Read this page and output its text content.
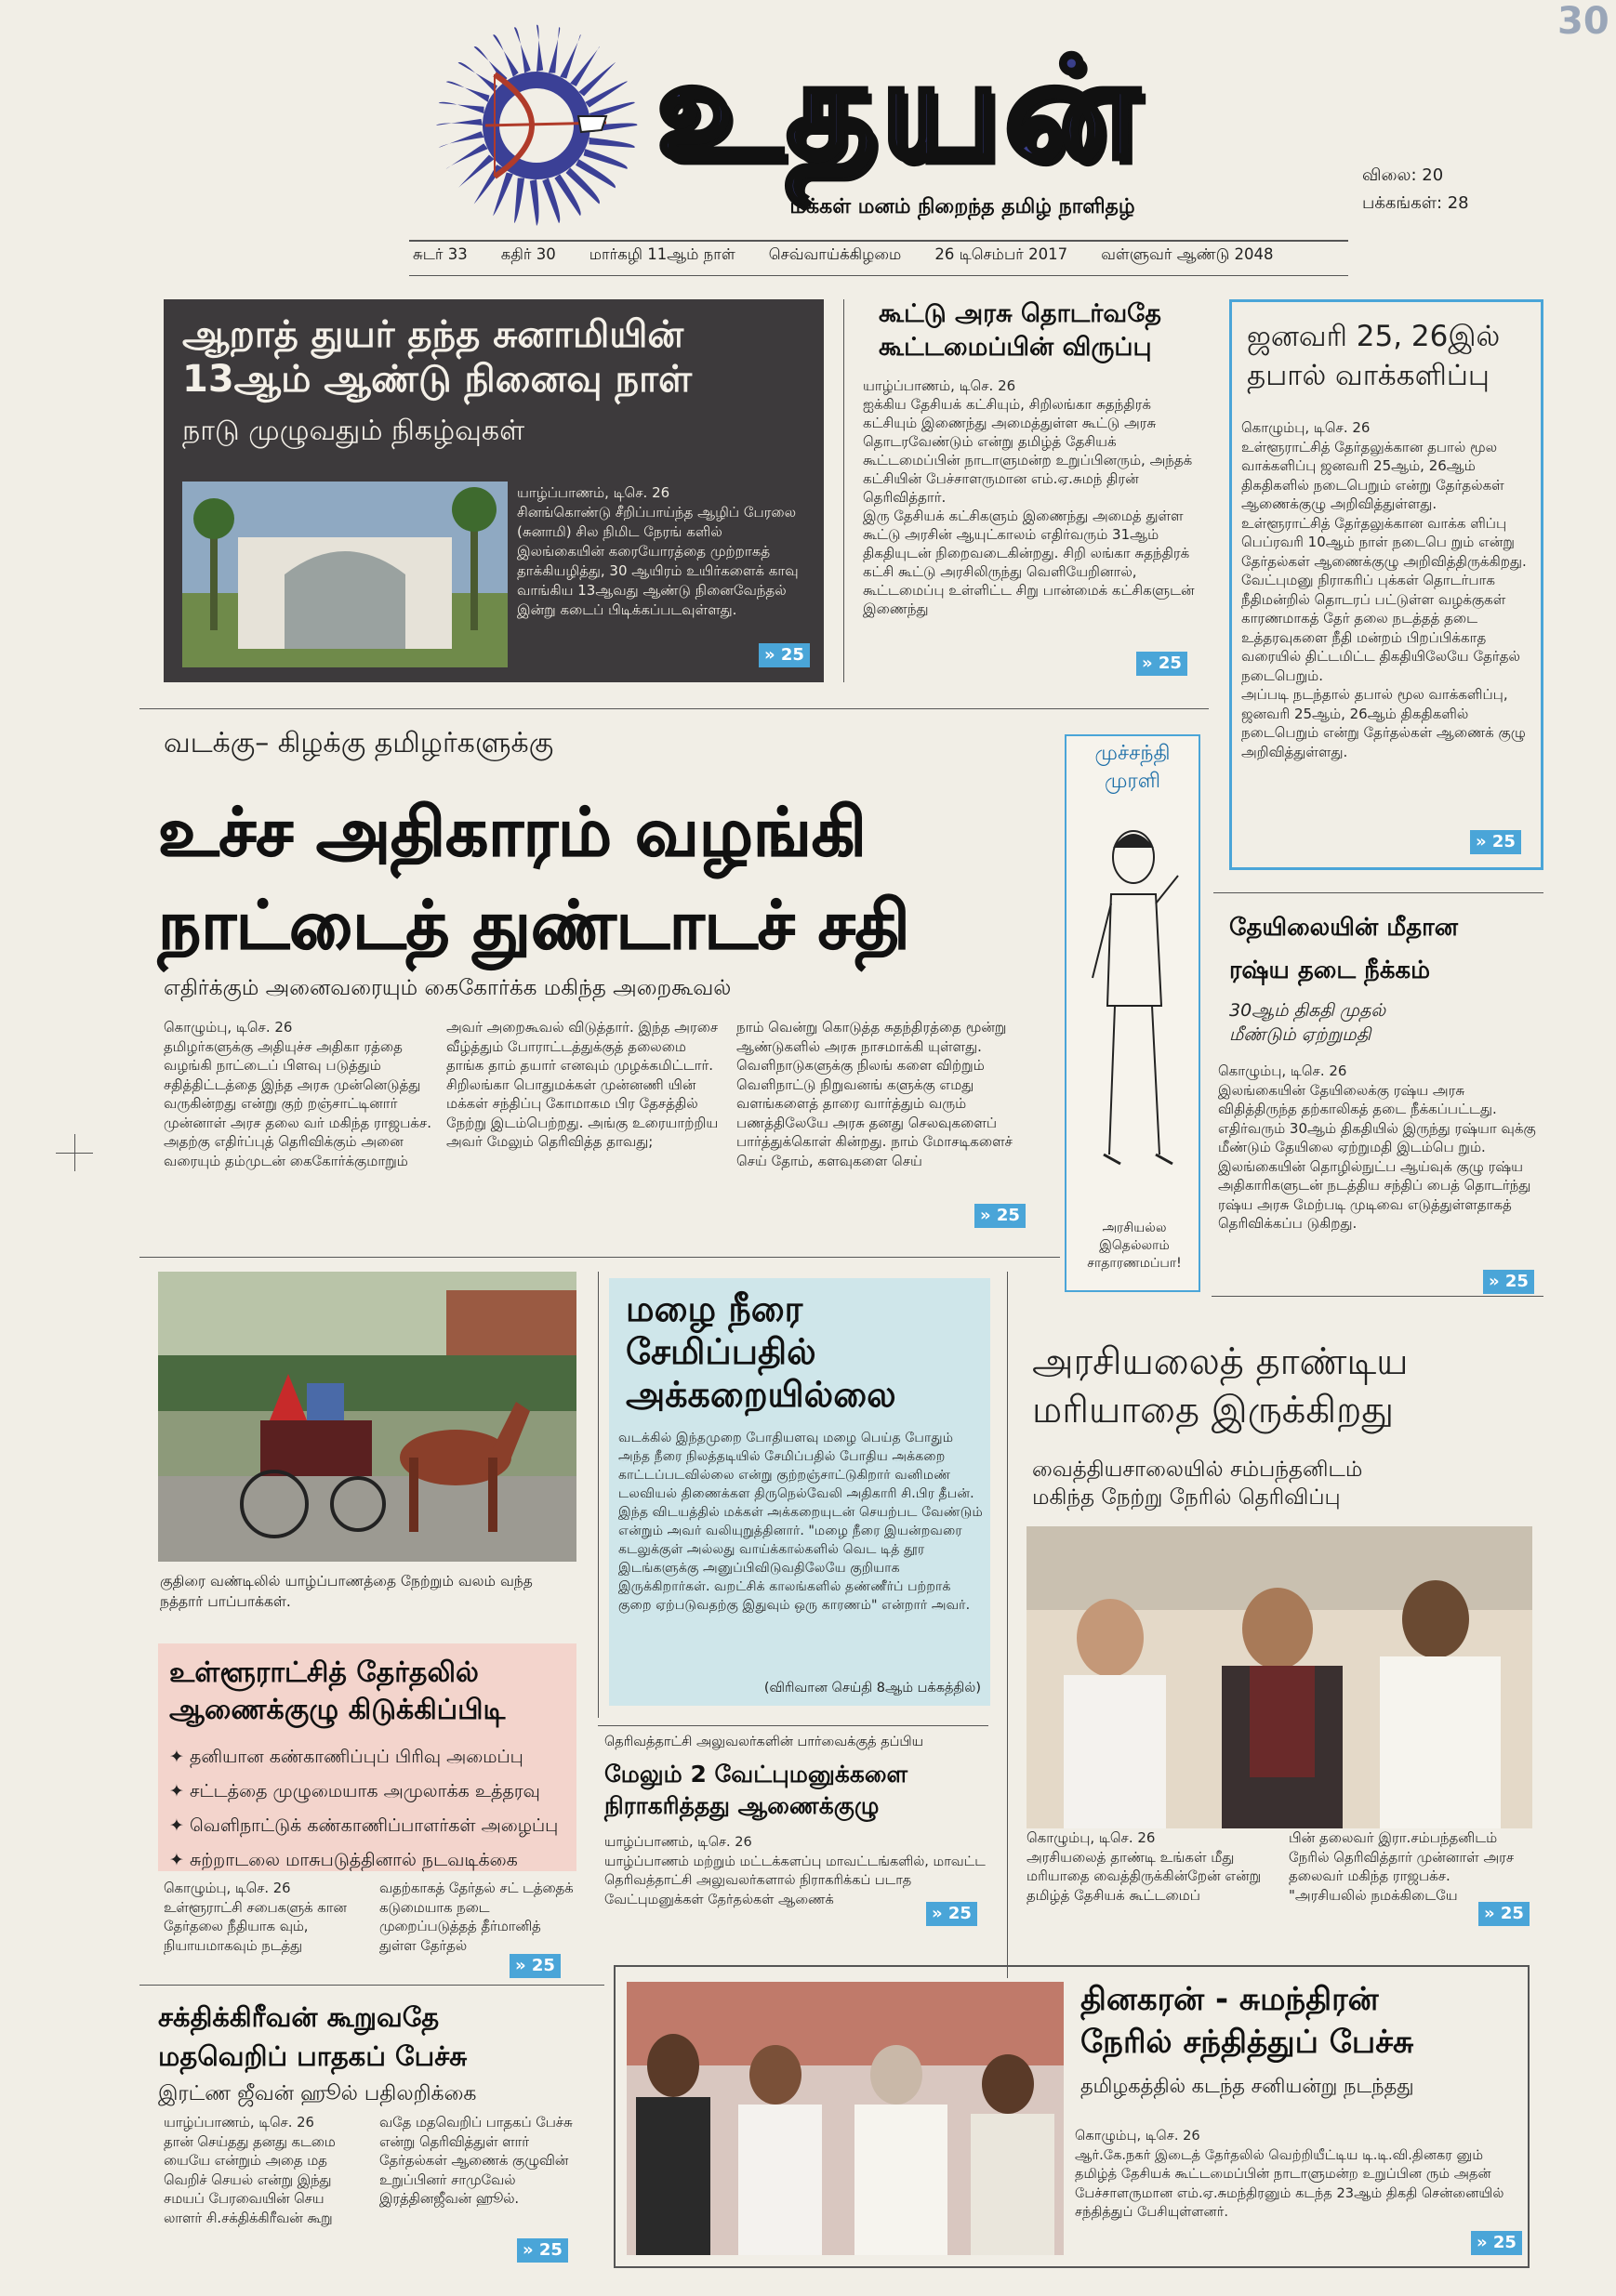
உதயன்
மக்கள் மனம் நிறைந்த தமிழ் நாளிதழ்
30
விலை: 20
பக்கங்கள்: 28
சுடர் 33 கதிர் 30 மார்கழி 11ஆம் நாள் செவ்வாய்க்கிழமை 26 டிசெம்பர் 2017 வள்ளுவர் ஆண்டு 2048
ஆறாத் துயர் தந்த சுனாமியின்
13ஆம் ஆண்டு நினைவு நாள்
நாடு முழுவதும் நிகழ்வுகள்
யாழ்ப்பாணம், டிசெ. 26
சினங்கொண்டு சீறிப்பாய்ந்த ஆழிப் பேரலை (சுனாமி) சில நிமிட நேரங் களில் இலங்கையின் கரையோரத்தை முற்றாகத் தாக்கியழித்து, 30 ஆயிரம் உயிர்களைக் காவு வாங்கிய 13ஆவது ஆண்டு நினைவேந்தல் இன்று கடைப் பிடிக்கப்படவுள்ளது.
» 25
கூட்டு அரசு தொடர்வதே
கூட்டமைப்பின் விருப்பு
யாழ்ப்பாணம், டிசெ. 26
ஐக்கிய தேசியக் கட்சியும், சிறிலங்கா சுதந்திரக் கட்சியும் இணைந்து அமைத்துள்ள கூட்டு அரசு தொடரவேண்டும் என்று தமிழ்த் தேசியக் கூட்டமைப்பின் நாடாளுமன்ற உறுப்பினரும், அந்தக் கட்சியின் பேச்சாளருமான எம்.ஏ.சுமந் திரன் தெரிவித்தார்.
இரு தேசியக் கட்சிகளும் இணைந்து அமைத் துள்ள கூட்டு அரசின் ஆயுட்காலம் எதிர்வரும் 31ஆம் திகதியுடன் நிறைவடைகின்றது. சிறி லங்கா சுதந்திரக் கட்சி கூட்டு அரசிலிருந்து வெளியேறினால், கூட்டமைப்பு உள்ளிட்ட சிறு பான்மைக் கட்சிகளுடன் இணைந்து
» 25
ஜனவரி 25, 26இல்
தபால் வாக்களிப்பு
கொழும்பு, டிசெ. 26
உள்ளூராட்சித் தேர்தலுக்கான தபால் மூல வாக்களிப்பு ஜனவரி 25ஆம், 26ஆம் திகதிகளில் நடைபெறும் என்று தேர்தல்கள் ஆணைக்குழு அறிவித்துள்ளது.
உள்ளூராட்சித் தேர்தலுக்கான வாக்க ளிப்பு பெப்ரவரி 10ஆம் நாள் நடைபெ றும் என்று தேர்தல்கள் ஆணைக்குழு அறிவித்திருக்கிறது. வேட்புமனு நிராகரிப் புக்கள் தொடர்பாக நீதிமன்றில் தொடரப் பட்டுள்ள வழக்குகள் காரணமாகத் தேர் தலை நடத்தத் தடை உத்தரவுகளை நீதி மன்றம் பிறப்பிக்காத வரையில் திட்டமிட்ட திகதியிலேயே தேர்தல் நடைபெறும்.
அப்படி நடந்தால் தபால் மூல வாக்களிப்பு, ஜனவரி 25ஆம், 26ஆம் திகதிகளில் நடைபெறும் என்று தேர்தல்கள் ஆணைக் குழு அறிவித்துள்ளது.
» 25
வடக்கு– கிழக்கு தமிழர்களுக்கு
உச்ச அதிகாரம் வழங்கி
நாட்டைத் துண்டாடச் சதி
எதிர்க்கும் அனைவரையும் கைகோர்க்க மகிந்த அறைகூவல்
கொழும்பு, டிசெ. 26
தமிழர்களுக்கு அதியுச்ச அதிகா ரத்தை வழங்கி நாட்டைப் பிளவு படுத்தும் சதித்திட்டத்தை இந்த அரசு முன்னெடுத்து வருகின்றது என்று குற் றஞ்சாட்டினார் முன்னாள் அரச தலை வர் மகிந்த ராஜபக்ச.
அதற்கு எதிர்ப்புத் தெரிவிக்கும் அனை வரையும் தம்முடன் கைகோர்க்குமாறும்
அவர் அறைகூவல் விடுத்தார். இந்த அரசை வீழ்த்தும் போராட்டத்துக்குத் தலைமை தாங்க தாம் தயார் எனவும் முழக்கமிட்டார்.
சிறிலங்கா பொதுமக்கள் முன்னணி யின் மக்கள் சந்திப்பு கோமாகம பிர தேசத்தில் நேற்று இடம்பெற்றது. அங்கு உரையாற்றிய அவர் மேலும் தெரிவித்த தாவது;
நாம் வென்று கொடுத்த சுதந்திரத்தை மூன்று ஆண்டுகளில் அரசு நாசமாக்கி யுள்ளது. வெளிநாடுகளுக்கு நிலங் களை விற்றும் வெளிநாட்டு நிறுவனங் களுக்கு எமது வளங்களைத் தாரை வார்த்தும் வரும் பணத்திலேயே அரசு தனது செலவுகளைப் பார்த்துக்கொள் கின்றது. நாம் மோசடிகளைச் செய் தோம், களவுகளை செய்
» 25
முச்சந்தி
முரளி
அரசியல்ல இதெல்லாம் சாதாரணமப்பா!
தேயிலையின் மீதான
ரஷ்ய தடை நீக்கம்
30ஆம் திகதி முதல்
மீண்டும் ஏற்றுமதி
கொழும்பு, டிசெ. 26
இலங்கையின் தேயிலைக்கு ரஷ்ய அரசு விதித்திருந்த தற்காலிகத் தடை நீக்கப்பட்டது. எதிர்வரும் 30ஆம் திகதியில் இருந்து ரஷ்யா வுக்கு மீண்டும் தேயிலை ஏற்றுமதி இடம்பெ றும். இலங்கையின் தொழில்நுட்ப ஆய்வுக் குழு ரஷ்ய அதிகாரிகளுடன் நடத்திய சந்திப் பைத் தொடர்ந்து ரஷ்ய அரசு மேற்படி முடிவை எடுத்துள்ளதாகத் தெரிவிக்கப்ப டுகிறது.
» 25
குதிரை வண்டிலில் யாழ்ப்பாணத்தை நேற்றும் வலம் வந்த நத்தார் பாப்பாக்கள்.
மழை நீரை
சேமிப்பதில்
அக்கறையில்லை
வடக்கில் இந்தமுறை போதியளவு மழை பெய்த போதும் அந்த நீரை நிலத்தடியில் சேமிப்பதில் போதிய அக்கறை காட்டப்படவில்லை என்று குற்றஞ்சாட்டுகிறார் வனிமண் டலவியல் திணைக்கள திருநெல்வேலி அதிகாரி சி.பிர தீபன்.
இந்த விடயத்தில் மக்கள் அக்கறையுடன் செயற்பட வேண்டும் என்றும் அவர் வலியுறுத்தினார். "மழை நீரை இயன்றவரை கடலுக்குள் அல்லது வாய்க்கால்களில் வெட டித் தூர இடங்களுக்கு அனுப்பிவிடுவதிலேயே குறியாக இருக்கிறார்கள். வறட்சிக் காலங்களில் தண்ணீர்ப் பற்றாக் குறை ஏற்படுவதற்கு இதுவும் ஒரு காரணம்" என்றார் அவர்.
(விரிவான செய்தி 8ஆம் பக்கத்தில்)
அரசியலைத் தாண்டிய
மரியாதை இருக்கிறது
வைத்தியசாலையில் சம்பந்தனிடம்
மகிந்த நேற்று நேரில் தெரிவிப்பு
கொழும்பு, டிசெ. 26
அரசியலைத் தாண்டி உங்கள் மீது மரியாதை வைத்திருக்கின்றேன் என்று தமிழ்த் தேசியக் கூட்டமைப்
பின் தலைவர் இரா.சம்பந்தனிடம் நேரில் தெரிவித்தார் முன்னாள் அரச தலைவர் மகிந்த ராஜபக்ச.
"அரசியலில் நமக்கிடையே
» 25
உள்ளூராட்சித் தேர்தலில்
ஆணைக்குழு கிடுக்கிப்பிடி
✦ தனியான கண்காணிப்புப் பிரிவு அமைப்பு
✦ சட்டத்தை முழுமையாக அமுலாக்க உத்தரவு
✦ வெளிநாட்டுக் கண்காணிப்பாளர்கள் அழைப்பு
✦ சுற்றாடலை மாசுபடுத்தினால் நடவடிக்கை
கொழும்பு, டிசெ. 26
உள்ளூராட்சி சபைகளுக் கான தேர்தலை நீதியாக வும், நியாயமாகவும் நடத்து
வதற்காகத் தேர்தல் சட் டத்தைக் கடுமையாக நடை முறைப்படுத்தத் தீர்மானித் துள்ள தேர்தல்
» 25
தெரிவத்தாட்சி அலுவலர்களின் பார்வைக்குத் தப்பிய
மேலும் 2 வேட்புமனுக்களை
நிராகரித்தது ஆணைக்குழு
யாழ்ப்பாணம், டிசெ. 26
யாழ்ப்பாணம் மற்றும் மட்டக்களப்பு மாவட்டங்களில், மாவட்ட தெரிவத்தாட்சி அலுவலர்களால் நிராகரிக்கப் படாத வேட்புமனுக்கள் தேர்தல்கள் ஆணைக்
» 25
சக்திக்கிரீவன் கூறுவதே
மதவெறிப் பாதகப் பேச்சு
இரட்ண ஜீவன் ஹூல் பதிலறிக்கை
யாழ்ப்பாணம், டிசெ. 26
தான் செய்தது தனது கடமை யையே என்றும் அதை மத வெறிச் செயல் என்று இந்து சமயப் பேரவையின் செய லாளர் சி.சக்திக்கிரீவன் கூறு
வதே மதவெறிப் பாதகப் பேச்சு என்று தெரிவித்துள் ளார் தேர்தல்கள் ஆணைக் குழுவின் உறுப்பினர் சாமுவேல் இரத்தினஜீவன் ஹூல்.
» 25
தினகரன் - சுமந்திரன்
நேரில் சந்தித்துப் பேச்சு
தமிழகத்தில் கடந்த சனியன்று நடந்தது
கொழும்பு, டிசெ. 26
ஆர்.கே.நகர் இடைத் தேர்தலில் வெற்றியீட்டிய டி.டி.வி.தினகர னும் தமிழ்த் தேசியக் கூட்டமைப்பின் நாடாளுமன்ற உறுப்பின ரும் அதன் பேச்சாளருமான எம்.ஏ.சுமந்திரனும் கடந்த 23ஆம் திகதி சென்னையில் சந்தித்துப் பேசியுள்ளனர்.
» 25
